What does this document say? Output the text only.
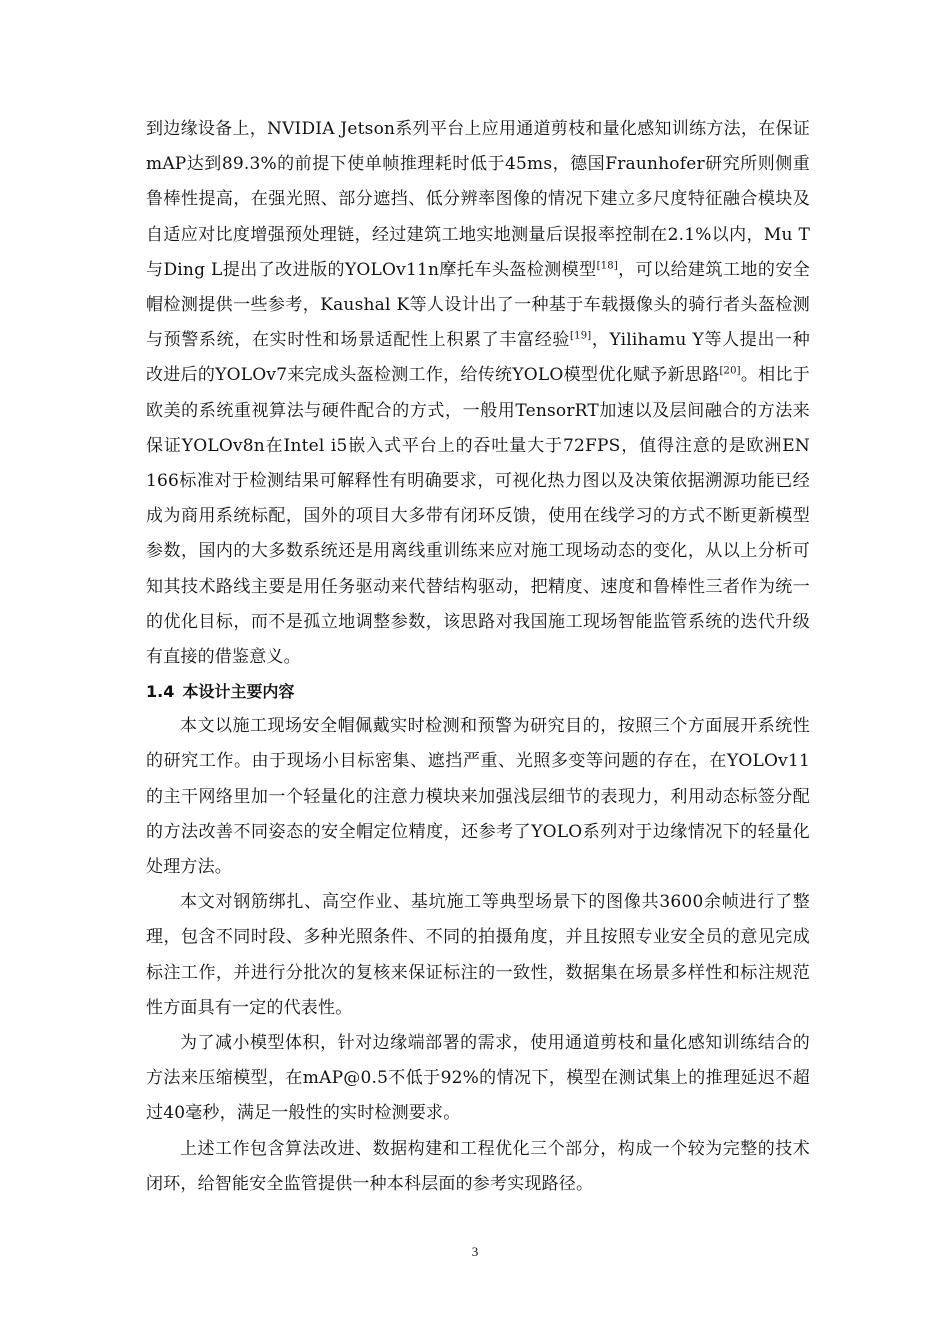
到边缘设备上，NVIDIA Jetson系列平台上应用通道剪枝和量化感知训练方法，在保证mAP达到89.3%的前提下使单帧推理耗时低于45ms，德国Fraunhofer研究所则侧重鲁棒性提高，在强光照、部分遮挡、低分辨率图像的情况下建立多尺度特征融合模块及自适应对比度增强预处理链，经过建筑工地实地测量后误报率控制在2.1%以内，Mu T与Ding L提出了改进版的YOLOv11n摩托车头盔检测模型[18]，可以给建筑工地的安全帽检测提供一些参考，Kaushal K等人设计出了一种基于车载摄像头的骑行者头盔检测与预警系统，在实时性和场景适配性上积累了丰富经验[19]，Yilihamu Y等人提出一种改进后的YOLOv7来完成头盔检测工作，给传统YOLO模型优化赋予新思路[20]。相比于欧美的系统重视算法与硬件配合的方式，一般用TensorRT加速以及层间融合的方法来保证YOLOv8n在Intel i5嵌入式平台上的吞吐量大于72FPS，值得注意的是欧洲EN 166标准对于检测结果可解释性有明确要求，可视化热力图以及决策依据溯源功能已经成为商用系统标配，国外的项目大多带有闭环反馈，使用在线学习的方式不断更新模型参数，国内的大多数系统还是用离线重训练来应对施工现场动态的变化，从以上分析可知其技术路线主要是用任务驱动来代替结构驱动，把精度、速度和鲁棒性三者作为统一的优化目标，而不是孤立地调整参数，该思路对我国施工现场智能监管系统的迭代升级有直接的借鉴意义。

1.4 本设计主要内容

本文以施工现场安全帽佩戴实时检测和预警为研究目的，按照三个方面展开系统性的研究工作。由于现场小目标密集、遮挡严重、光照多变等问题的存在，在YOLOv11的主干网络里加一个轻量化的注意力模块来加强浅层细节的表现力，利用动态标签分配的方法改善不同姿态的安全帽定位精度，还参考了YOLO系列对于边缘情况下的轻量化处理方法。

本文对钢筋绑扎、高空作业、基坑施工等典型场景下的图像共3600余帧进行了整理，包含不同时段、多种光照条件、不同的拍摄角度，并且按照专业安全员的意见完成标注工作，并进行分批次的复核来保证标注的一致性，数据集在场景多样性和标注规范性方面具有一定的代表性。

为了减小模型体积，针对边缘端部署的需求，使用通道剪枝和量化感知训练结合的方法来压缩模型，在mAP@0.5不低于92%的情况下，模型在测试集上的推理延迟不超过40毫秒，满足一般性的实时检测要求。

上述工作包含算法改进、数据构建和工程优化三个部分，构成一个较为完整的技术闭环，给智能安全监管提供一种本科层面的参考实现路径。

3
